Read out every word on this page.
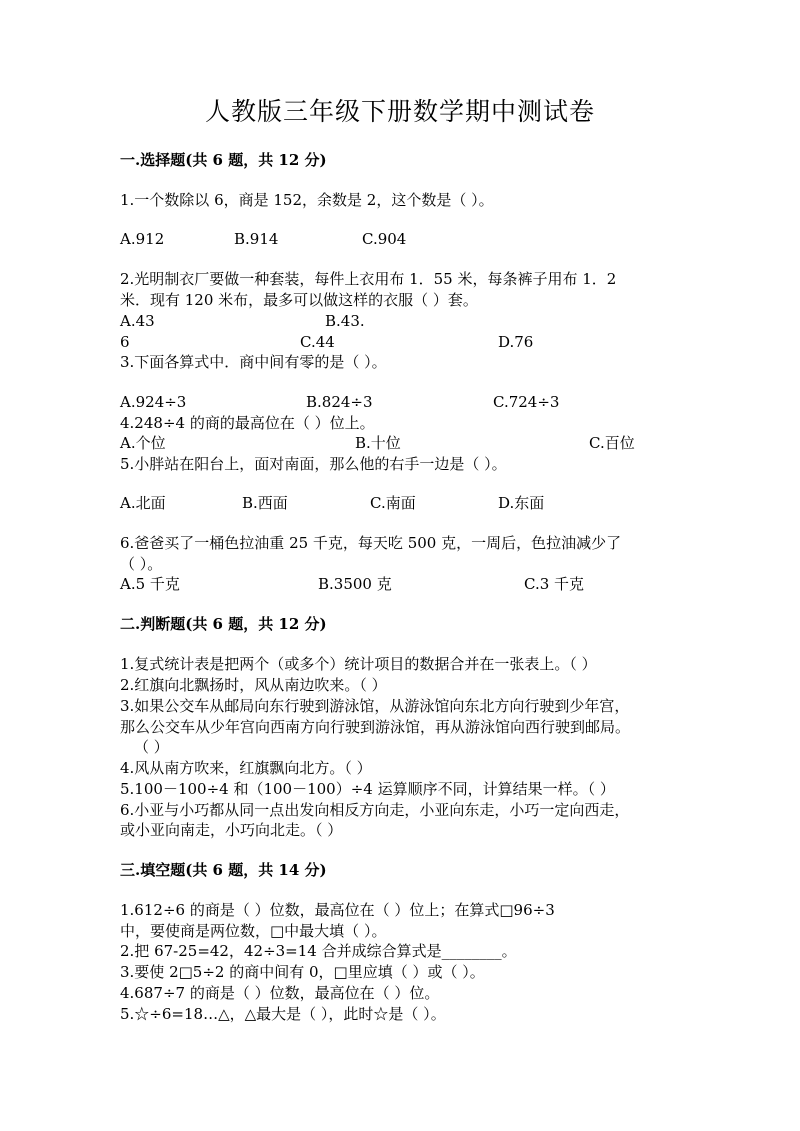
人教版三年级下册数学期中测试卷
一.选择题(共 6 题，共 12 分)
1.一个数除以 6，商是 152，余数是 2，这个数是（ ）。
A.912	B.914	C.904
2.光明制衣厂要做一种套装，每件上衣用布 1．55 米，每条裤子用布 1．2
米．现有 120 米布，最多可以做这样的衣服（ ）套。
A.43	B.43.
6	C.44	D.76
3.下面各算式中．商中间有零的是（ ）。
A.924÷3	B.824÷3	C.724÷3
4.248÷4 的商的最高位在（ ）位上。
A.个位	B.十位	C.百位
5.小胖站在阳台上，面对南面，那么他的右手一边是（ ）。
A.北面	B.西面	C.南面	D.东面
6.爸爸买了一桶色拉油重 25 千克，每天吃 500 克，一周后，色拉油减少了
（ ）。
A.5 千克	B.3500 克	C.3 千克
二.判断题(共 6 题，共 12 分)
1.复式统计表是把两个（或多个）统计项目的数据合并在一张表上。（ ）
2.红旗向北飘扬时，风从南边吹来。（ ）
3.如果公交车从邮局向东行驶到游泳馆，从游泳馆向东北方向行驶到少年宫，
那么公交车从少年宫向西南方向行驶到游泳馆，再从游泳馆向西行驶到邮局。
（ ）
4.风从南方吹来，红旗飘向北方。（ ）
5.100－100÷4 和（100－100）÷4 运算顺序不同，计算结果一样。（ ）
6.小亚与小巧都从同一点出发向相反方向走，小亚向东走，小巧一定向西走，
或小亚向南走，小巧向北走。（ ）
三.填空题(共 6 题，共 14 分)
1.612÷6 的商是（ ）位数，最高位在（ ）位上；在算式□96÷3
中，要使商是两位数，□中最大填（ ）。
2.把 67-25=42，42÷3=14 合并成综合算式是________。
3.要使 2□5÷2 的商中间有 0，□里应填（ ）或（ ）。
4.687÷7 的商是（ ）位数，最高位在（ ）位。
5.☆÷6=18…△，△最大是（ ），此时☆是（ ）。
